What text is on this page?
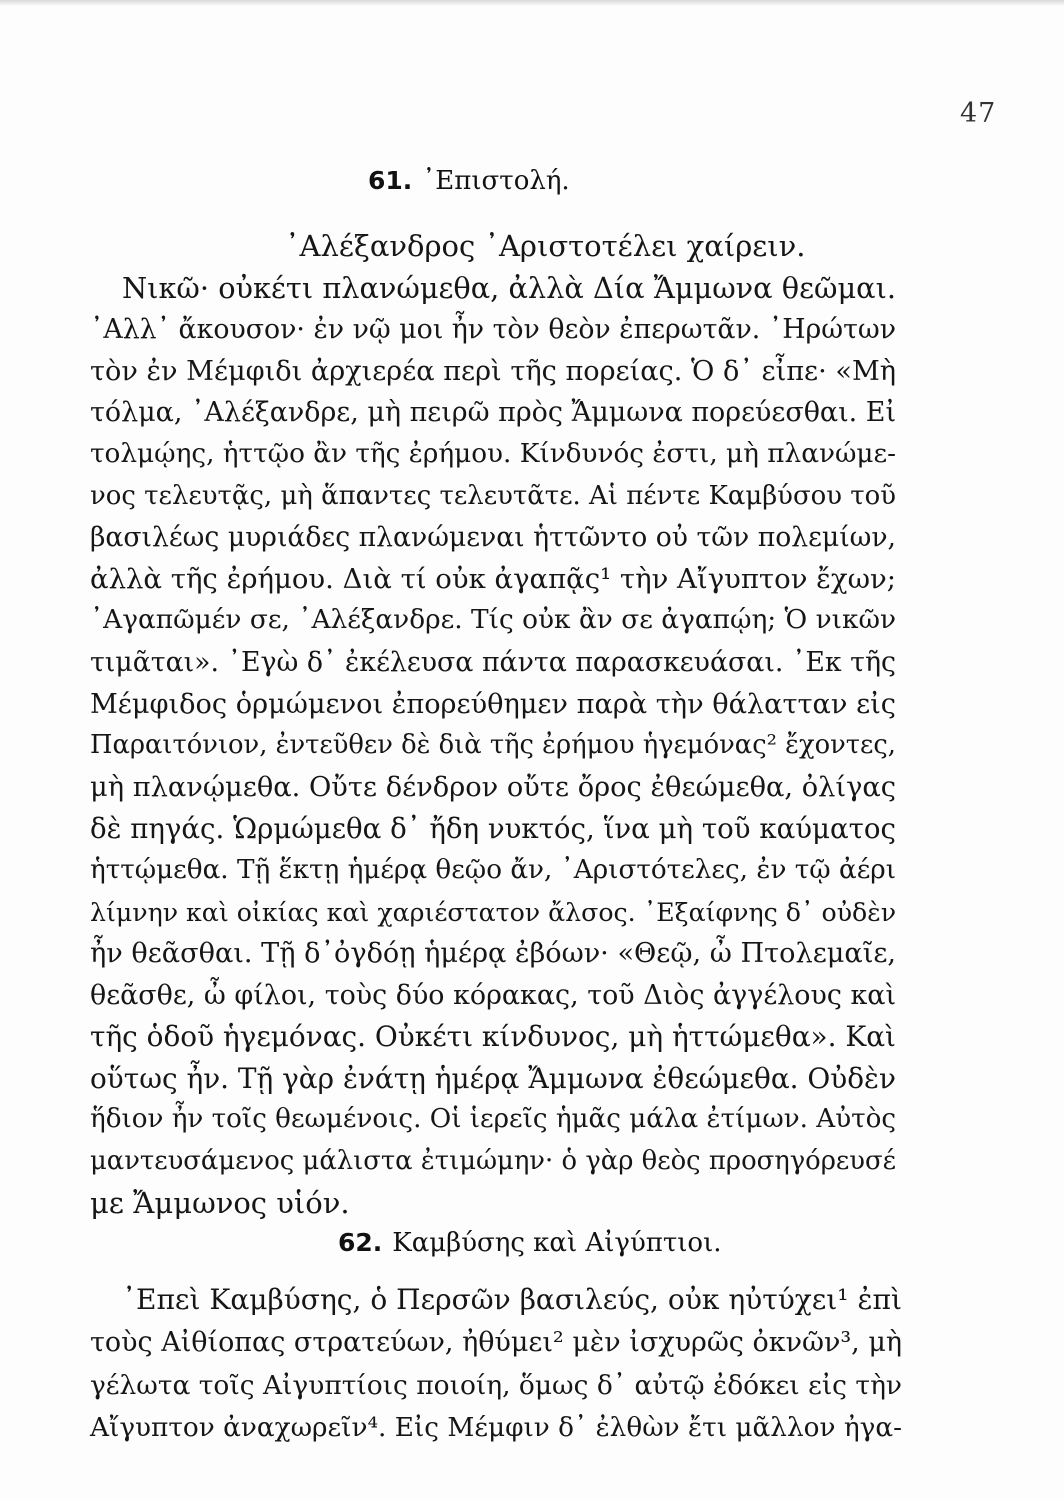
47
61. ᾿Επιστολή.
᾿Αλέξανδρος ᾿Αριστοτέλει χαίρειν.
Νικῶ· οὐκέτι πλανώμεθα, ἀλλὰ Δία Ἄμμωνα θεῶμαι.
᾿Αλλ᾿ ἄκουσον· ἐν νῷ μοι ἦν τὸν θεὸν ἐπερωτᾶν. ᾿Ηρώτων
τὸν ἐν Μέμφιδι ἀρχιερέα περὶ τῆς πορείας. Ὁ δ᾿ εἶπε· «Μὴ
τόλμα, ᾿Αλέξανδρε, μὴ πειρῶ πρὸς Ἄμμωνα πορεύεσθαι. Εἰ
τολμῴης, ἡττῷο ἂν τῆς ἐρήμου. Κίνδυνός ἐστι, μὴ πλανώμε-
νος τελευτᾷς, μὴ ἅπαντες τελευτᾶτε. Αἱ πέντε Καμβύσου τοῦ
βασιλέως μυριάδες πλανώμεναι ἡττῶντο οὐ τῶν πολεμίων,
ἀλλὰ τῆς ἐρήμου. Διὰ τί οὐκ ἀγαπᾷς¹ τὴν Αἴγυπτον ἔχων;
᾿Αγαπῶμέν σε, ᾿Αλέξανδρε. Τίς οὐκ ἂν σε ἀγαπῴη; Ὁ νικῶν
τιμᾶται». ᾿Εγὼ δ᾿ ἐκέλευσα πάντα παρασκευάσαι. ᾿Εκ τῆς
Μέμφιδος ὁρμώμενοι ἐπορεύθημεν παρὰ τὴν θάλατταν εἰς
Παραιτόνιον, ἐντεῦθεν δὲ διὰ τῆς ἐρήμου ἡγεμόνας² ἔχοντες,
μὴ πλανῴμεθα. Οὔτε δένδρον οὔτε ὄρος ἐθεώμεθα, ὀλίγας
δὲ πηγάς. Ὡρμώμεθα δ᾿ ἤδη νυκτός, ἵνα μὴ τοῦ καύματος
ἡττῴμεθα. Τῇ ἕκτῃ ἡμέρᾳ θεῷο ἄν, ᾿Αριστότελες, ἐν τῷ ἀέρι
λίμνην καὶ οἰκίας καὶ χαριέστατον ἄλσος. ᾿Εξαίφνης δ᾿ οὐδὲν
ἦν θεᾶσθαι. Τῇ δ᾿ὀγδόῃ ἡμέρᾳ ἐβόων· «Θεῷ, ὦ Πτολεμαῖε,
θεᾶσθε, ὦ φίλοι, τοὺς δύο κόρακας, τοῦ Διὸς ἀγγέλους καὶ
τῆς ὁδοῦ ἡγεμόνας. Οὐκέτι κίνδυνος, μὴ ἡττώμεθα». Καὶ
οὕτως ἦν. Τῇ γὰρ ἐνάτῃ ἡμέρᾳ Ἄμμωνα ἐθεώμεθα. Οὐδὲν
ἥδιον ἦν τοῖς θεωμένοις. Οἱ ἱερεῖς ἡμᾶς μάλα ἐτίμων. Αὐτὸς
μαντευσάμενος μάλιστα ἐτιμώμην· ὁ γὰρ θεὸς προσηγόρευσέ
με Ἄμμωνος υἱόν.
62. Καμβύσης καὶ Αἰγύπτιοι.
᾿Επεὶ Καμβύσης, ὁ Περσῶν βασιλεύς, οὐκ ηὐτύχει¹ ἐπὶ
τοὺς Αἰθίοπας στρατεύων, ἠθύμει² μὲν ἰσχυρῶς ὀκνῶν³, μὴ
γέλωτα τοῖς Αἰγυπτίοις ποιοίη, ὅμως δ᾿ αὐτῷ ἐδόκει εἰς τὴν
Αἴγυπτον ἀναχωρεῖν⁴. Εἰς Μέμφιν δ᾿ ἐλθὼν ἔτι μᾶλλον ἠγα-
